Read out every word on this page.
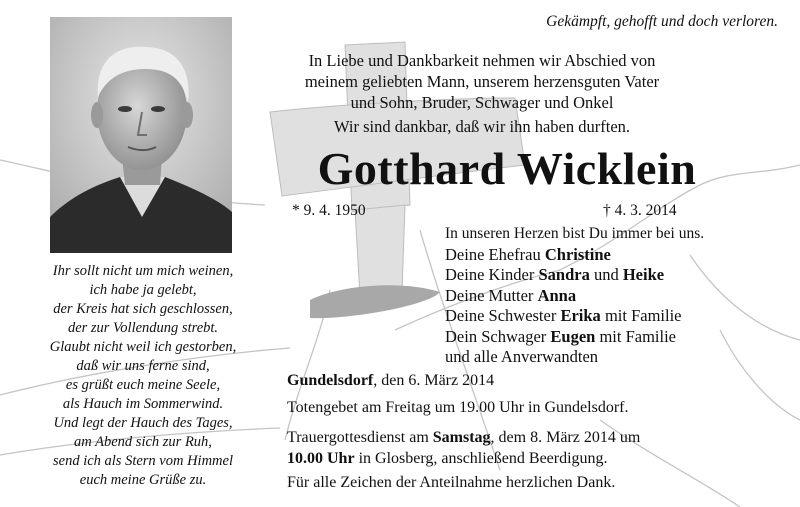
Gekämpft, gehofft und doch verloren.
In Liebe und Dankbarkeit nehmen wir Abschied von
meinem geliebten Mann, unserem herzensguten Vater
und Sohn, Bruder, Schwager und Onkel
Wir sind dankbar, daß wir ihn haben durften.
Gotthard Wicklein
* 9. 4. 1950	† 4. 3. 2014
In unseren Herzen bist Du immer bei uns.
Deine Ehefrau Christine
Deine Kinder Sandra und Heike
Deine Mutter Anna
Deine Schwester Erika mit Familie
Dein Schwager Eugen mit Familie
und alle Anverwandten
Gundelsdorf, den 6. März 2014
Totengebet am Freitag um 19.00 Uhr in Gundelsdorf.
Trauergottesdienst am Samstag, dem 8. März 2014 um
10.00 Uhr in Glosberg, anschließend Beerdigung.
Für alle Zeichen der Anteilnahme herzlichen Dank.
Ihr sollt nicht um mich weinen,
ich habe ja gelebt,
der Kreis hat sich geschlossen,
der zur Vollendung strebt.
Glaubt nicht weil ich gestorben,
daß wir uns ferne sind,
es grüßt euch meine Seele,
als Hauch im Sommerwind.
Und legt der Hauch des Tages,
am Abend sich zur Ruh,
send ich als Stern vom Himmel
euch meine Grüße zu.
